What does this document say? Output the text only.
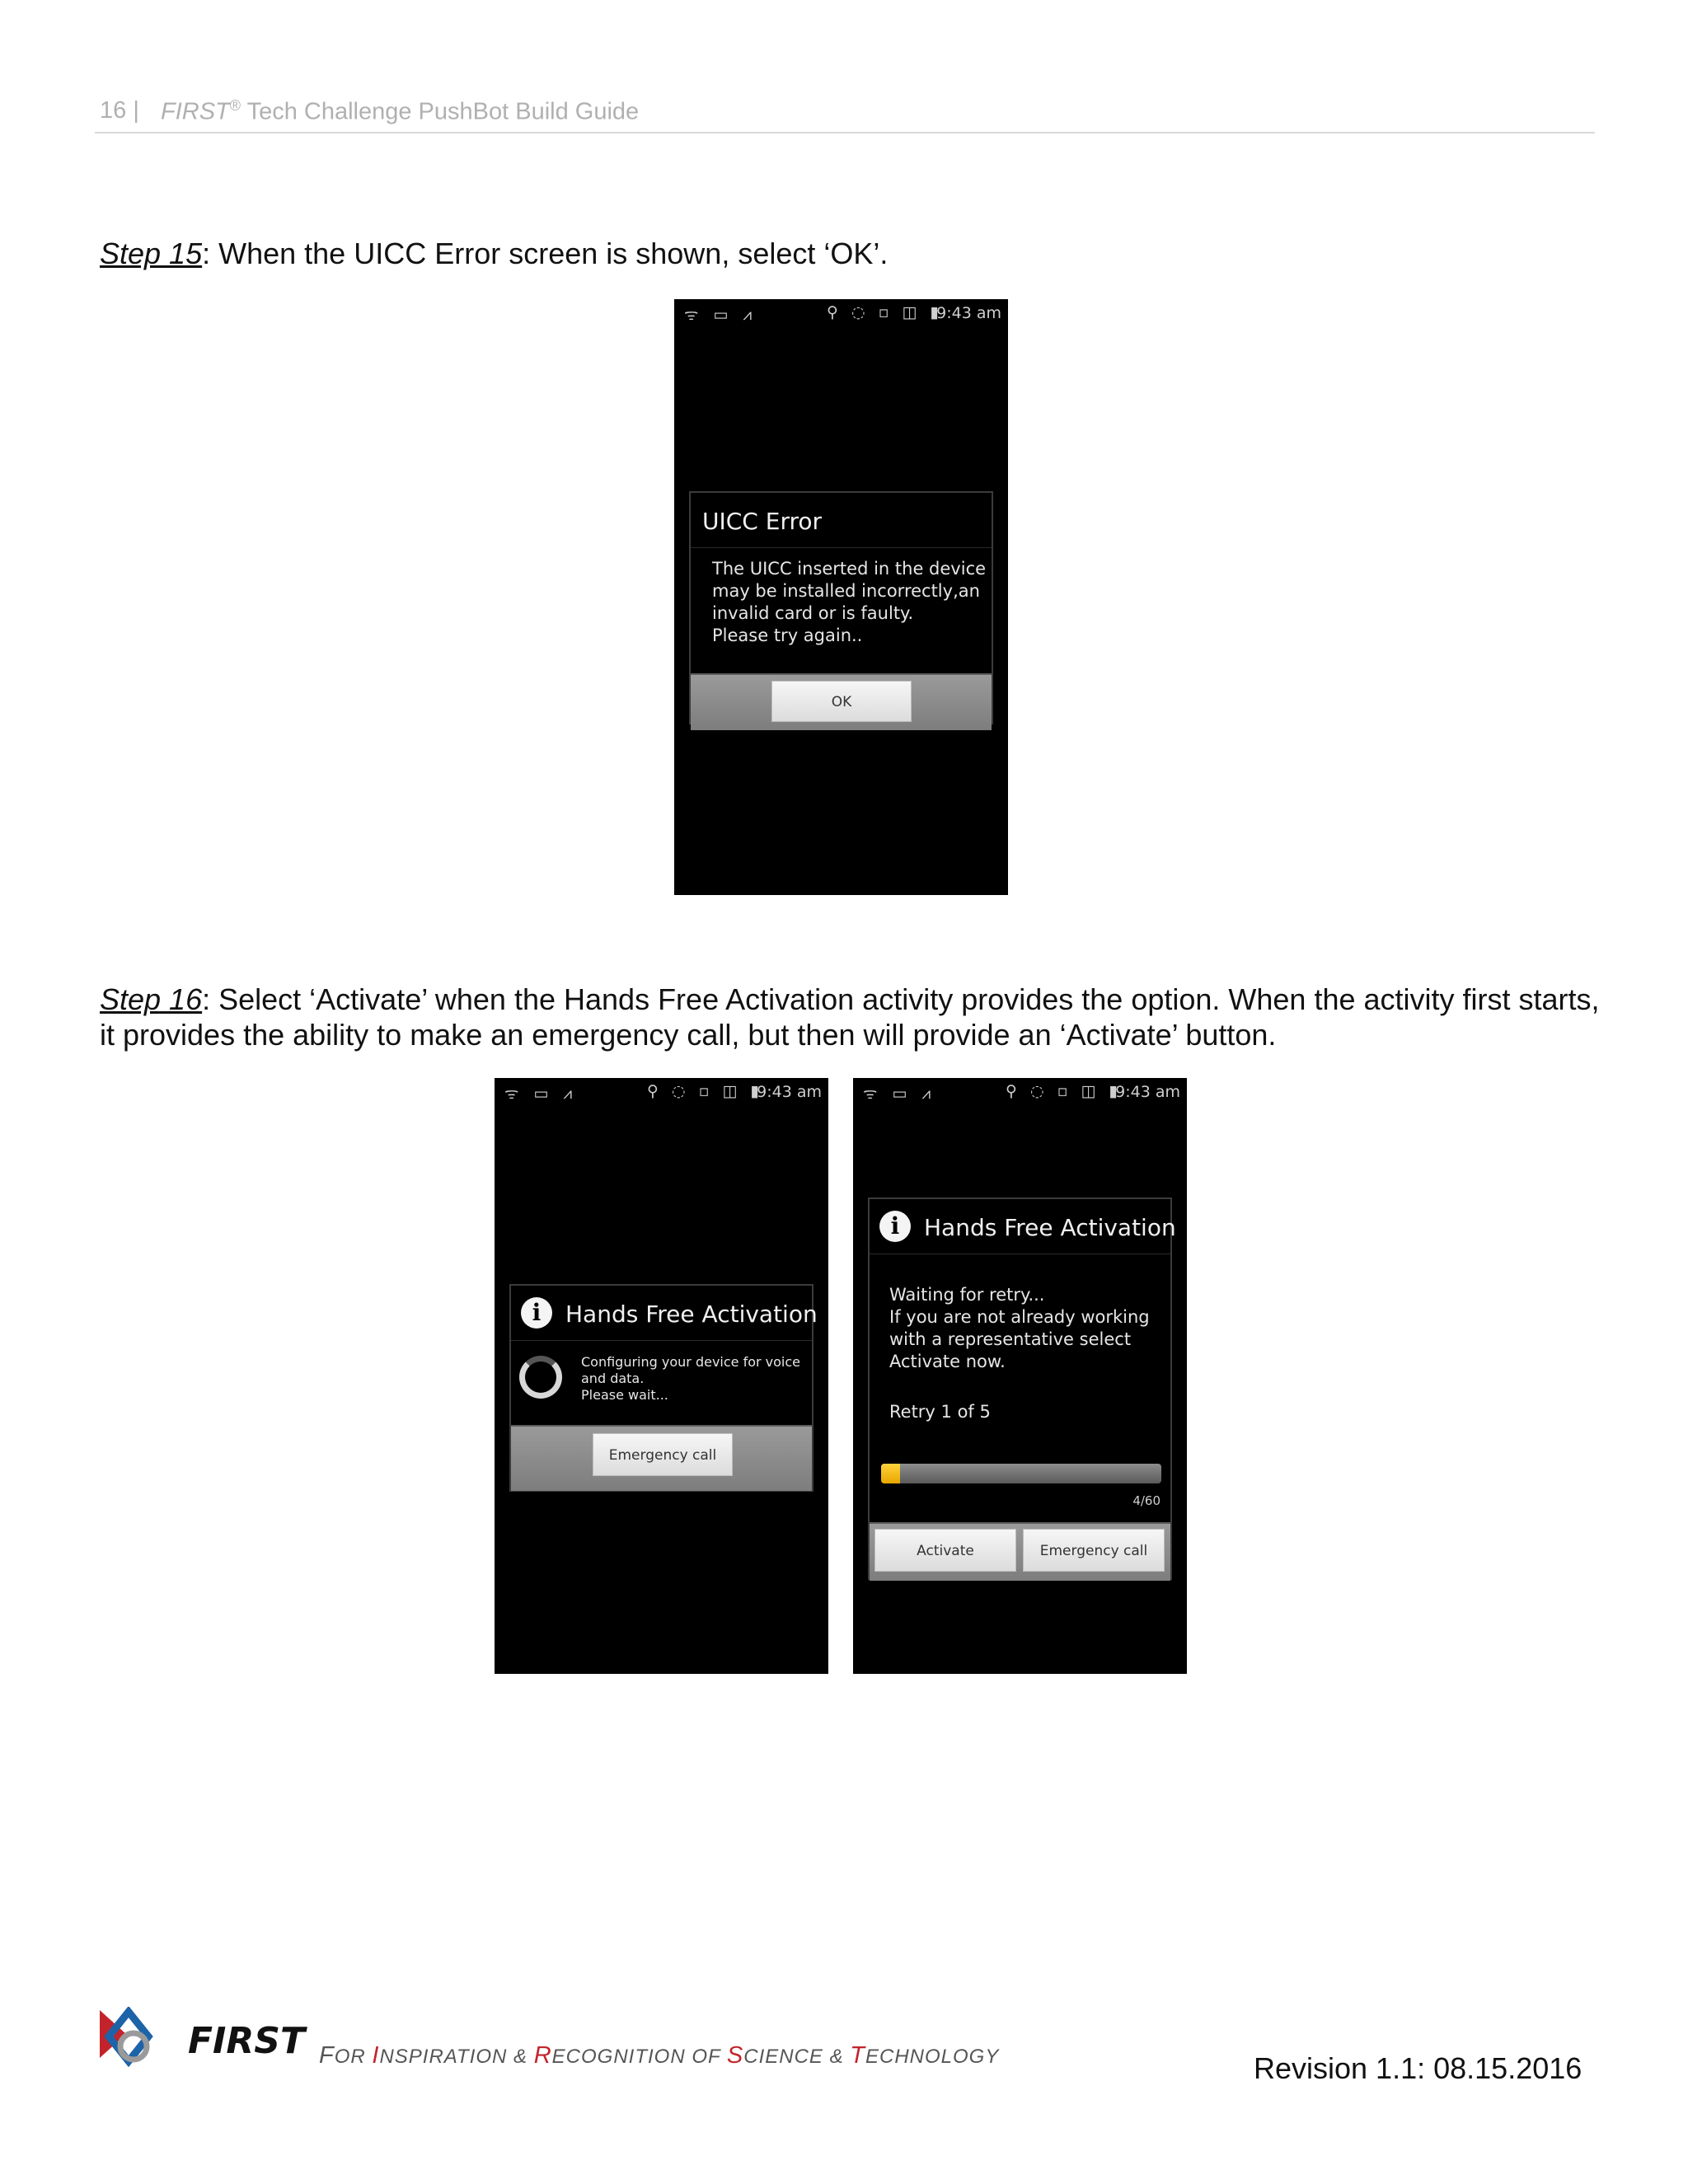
16 | FIRST® Tech Challenge PushBot Build Guide
Step 15: When the UICC Error screen is shown, select ‘OK’.
ᯤ ▭ ⩘	⚲ ◌ ▫ ◫ ▮
9:43 am
UICC Error
The UICC inserted in the device
may be installed incorrectly,an
invalid card or is faulty.
Please try again..
OK
Step 16: Select ‘Activate’ when the Hands Free Activation activity provides the option. When the activity first starts, it provides the ability to make an emergency call, but then will provide an ‘Activate’ button.
ᯤ ▭ ⩘	⚲ ◌ ▫ ◫ ▮
9:43 am
i	Hands Free Activation
Configuring your device for voice
and data.
Please wait...
Emergency call
ᯤ ▭ ⩘	⚲ ◌ ▫ ◫ ▮
9:43 am
i	Hands Free Activation
Waiting for retry...
If you are not already working
with a representative select
Activate now.
Retry 1 of 5
4/60
Activate	Emergency call
FIRST FOR INSPIRATION & RECOGNITION OF SCIENCE & TECHNOLOGY	Revision 1.1: 08.15.2016
